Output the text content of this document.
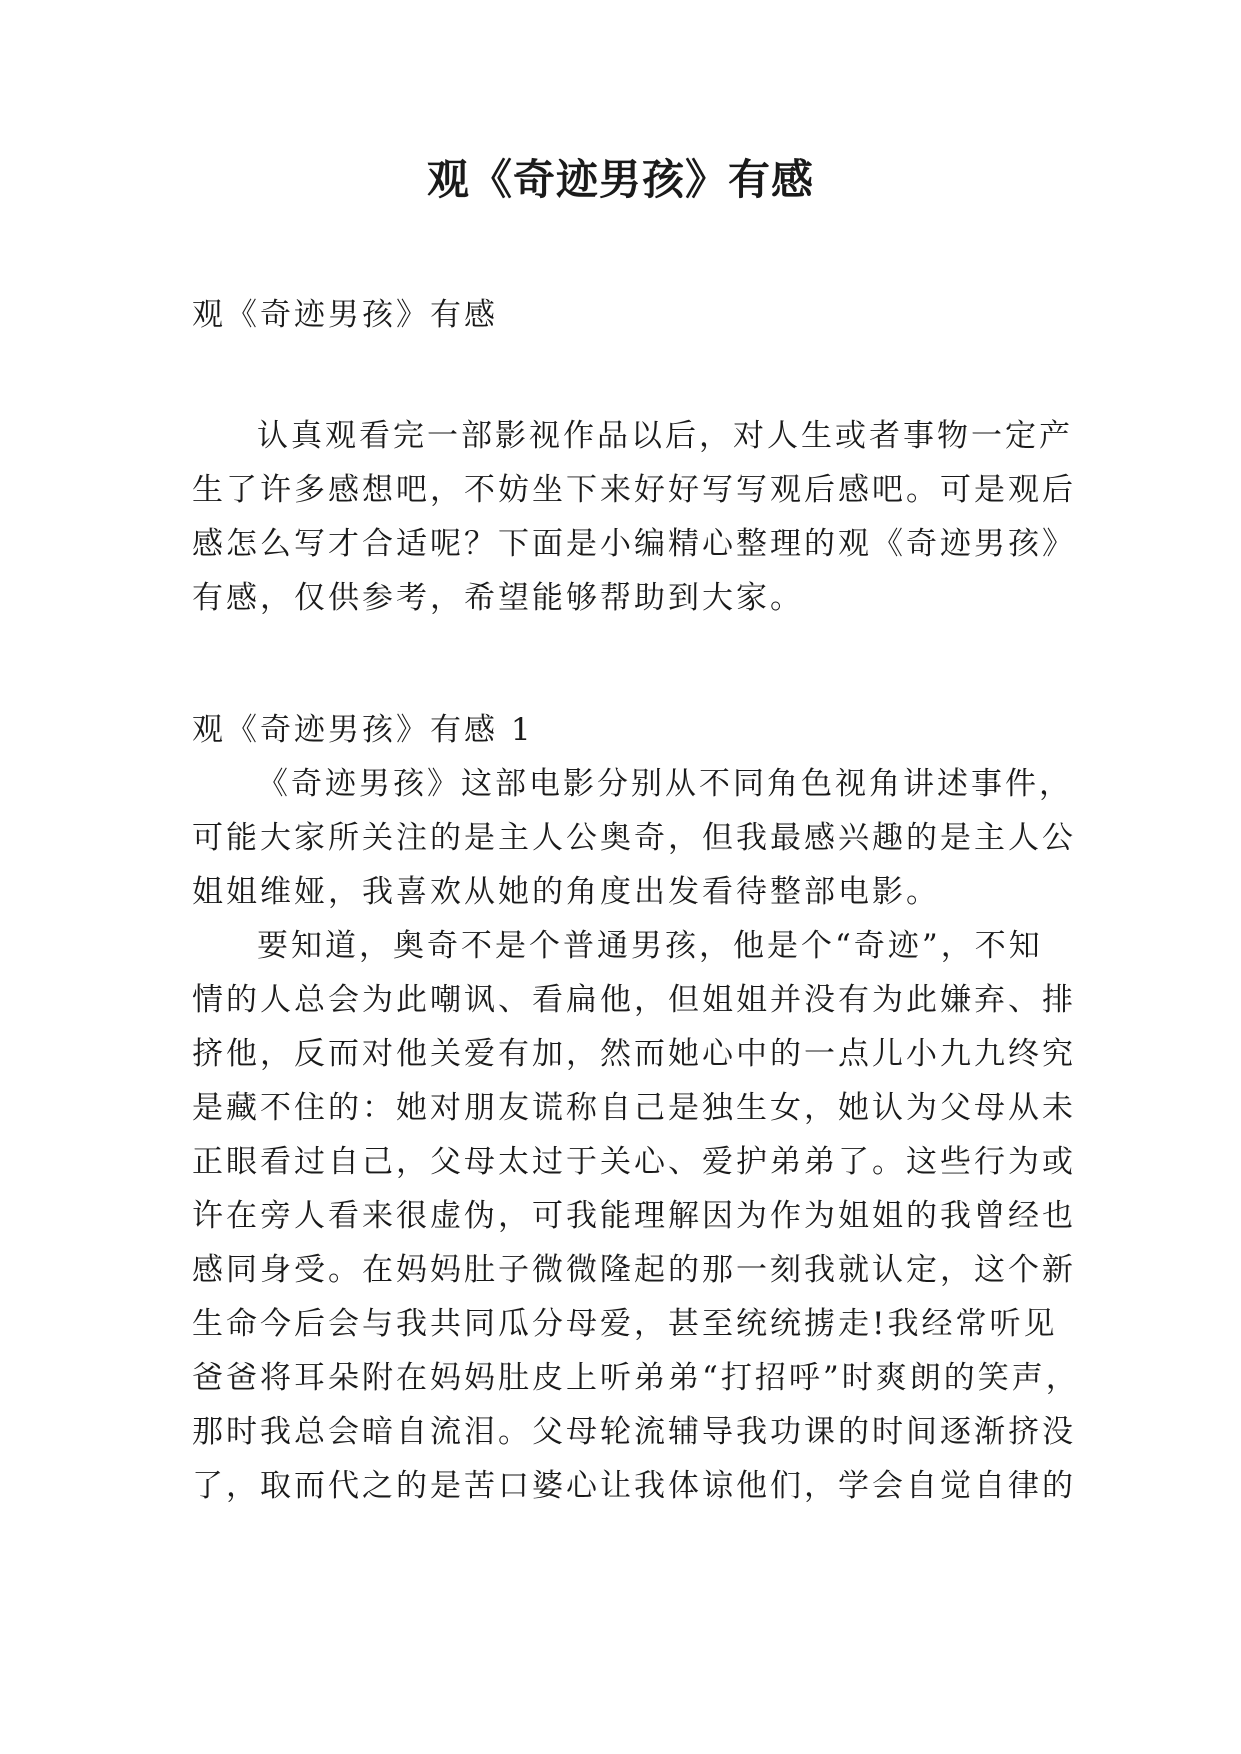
观《奇迹男孩》有感
观《奇迹男孩》有感
认真观看完一部影视作品以后，对人生或者事物一定产
生了许多感想吧，不妨坐下来好好写写观后感吧。可是观后
感怎么写才合适呢？下面是小编精心整理的观《奇迹男孩》
有感，仅供参考，希望能够帮助到大家。
观《奇迹男孩》有感 1
《奇迹男孩》这部电影分别从不同角色视角讲述事件，
可能大家所关注的是主人公奥奇，但我最感兴趣的是主人公
姐姐维娅，我喜欢从她的角度出发看待整部电影。
要知道，奥奇不是个普通男孩，他是个“奇迹”，不知
情的人总会为此嘲讽、看扁他，但姐姐并没有为此嫌弃、排
挤他，反而对他关爱有加，然而她心中的一点儿小九九终究
是藏不住的：她对朋友谎称自己是独生女，她认为父母从未
正眼看过自己，父母太过于关心、爱护弟弟了。这些行为或
许在旁人看来很虚伪，可我能理解因为作为姐姐的我曾经也
感同身受。在妈妈肚子微微隆起的那一刻我就认定，这个新
生命今后会与我共同瓜分母爱，甚至统统掳走!我经常听见
爸爸将耳朵附在妈妈肚皮上听弟弟“打招呼”时爽朗的笑声，
那时我总会暗自流泪。父母轮流辅导我功课的时间逐渐挤没
了，取而代之的是苦口婆心让我体谅他们，学会自觉自律的
